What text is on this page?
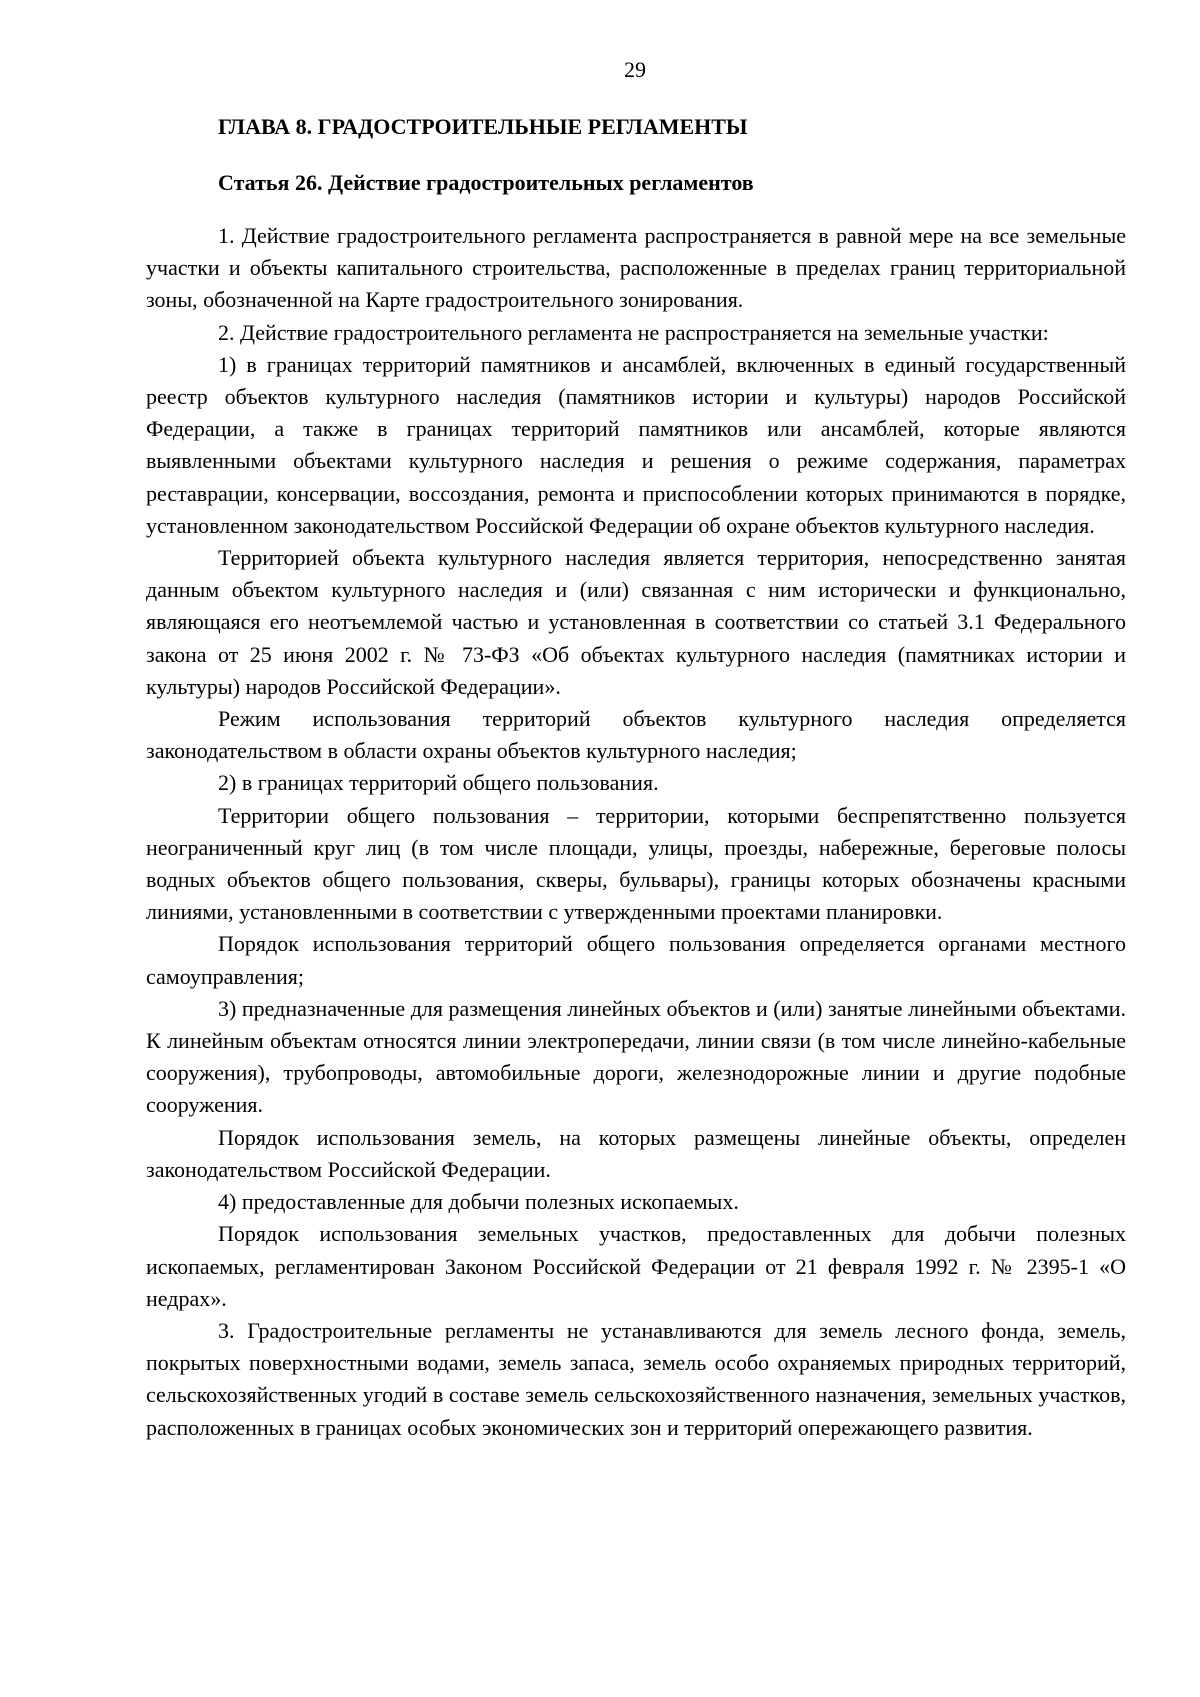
29
ГЛАВА 8. ГРАДОСТРОИТЕЛЬНЫЕ РЕГЛАМЕНТЫ
Статья 26. Действие градостроительных регламентов

1. Действие градостроительного регламента распространяется в равной мере на все земельные участки и объекты капитального строительства, расположенные в пределах границ территориальной зоны, обозначенной на Карте градостроительного зонирования.

2. Действие градостроительного регламента не распространяется на земельные участки:

1) в границах территорий памятников и ансамблей, включенных в единый государственный реестр объектов культурного наследия (памятников истории и культуры) народов Российской Федерации, а также в границах территорий памятников или ансамблей, которые являются выявленными объектами культурного наследия и решения о режиме содержания, параметрах реставрации, консервации, воссоздания, ремонта и приспособлении которых принимаются в порядке, установленном законодательством Российской Федерации об охране объектов культурного наследия.

Территорией объекта культурного наследия является территория, непосредственно занятая данным объектом культурного наследия и (или) связанная с ним исторически и функционально, являющаяся его неотъемлемой частью и установленная в соответствии со статьей 3.1 Федерального закона от 25 июня 2002 г. № 73-ФЗ «Об объектах культурного наследия (памятниках истории и культуры) народов Российской Федерации».

Режим использования территорий объектов культурного наследия определяется законодательством в области охраны объектов культурного наследия;

2) в границах территорий общего пользования.

Территории общего пользования – территории, которыми беспрепятственно пользуется неограниченный круг лиц (в том числе площади, улицы, проезды, набережные, береговые полосы водных объектов общего пользования, скверы, бульвары), границы которых обозначены красными линиями, установленными в соответствии с утвержденными проектами планировки.

Порядок использования территорий общего пользования определяется органами местного самоуправления;

3) предназначенные для размещения линейных объектов и (или) занятые линейными объектами. К линейным объектам относятся линии электропередачи, линии связи (в том числе линейно-кабельные сооружения), трубопроводы, автомобильные дороги, железнодорожные линии и другие подобные сооружения.

Порядок использования земель, на которых размещены линейные объекты, определен законодательством Российской Федерации.

4) предоставленные для добычи полезных ископаемых.

Порядок использования земельных участков, предоставленных для добычи полезных ископаемых, регламентирован Законом Российской Федерации от 21 февраля 1992 г. № 2395-1 «О недрах».

3. Градостроительные регламенты не устанавливаются для земель лесного фонда, земель, покрытых поверхностными водами, земель запаса, земель особо охраняемых природных территорий, сельскохозяйственных угодий в составе земель сельскохозяйственного назначения, земельных участков, расположенных в границах особых экономических зон и территорий опережающего развития.
